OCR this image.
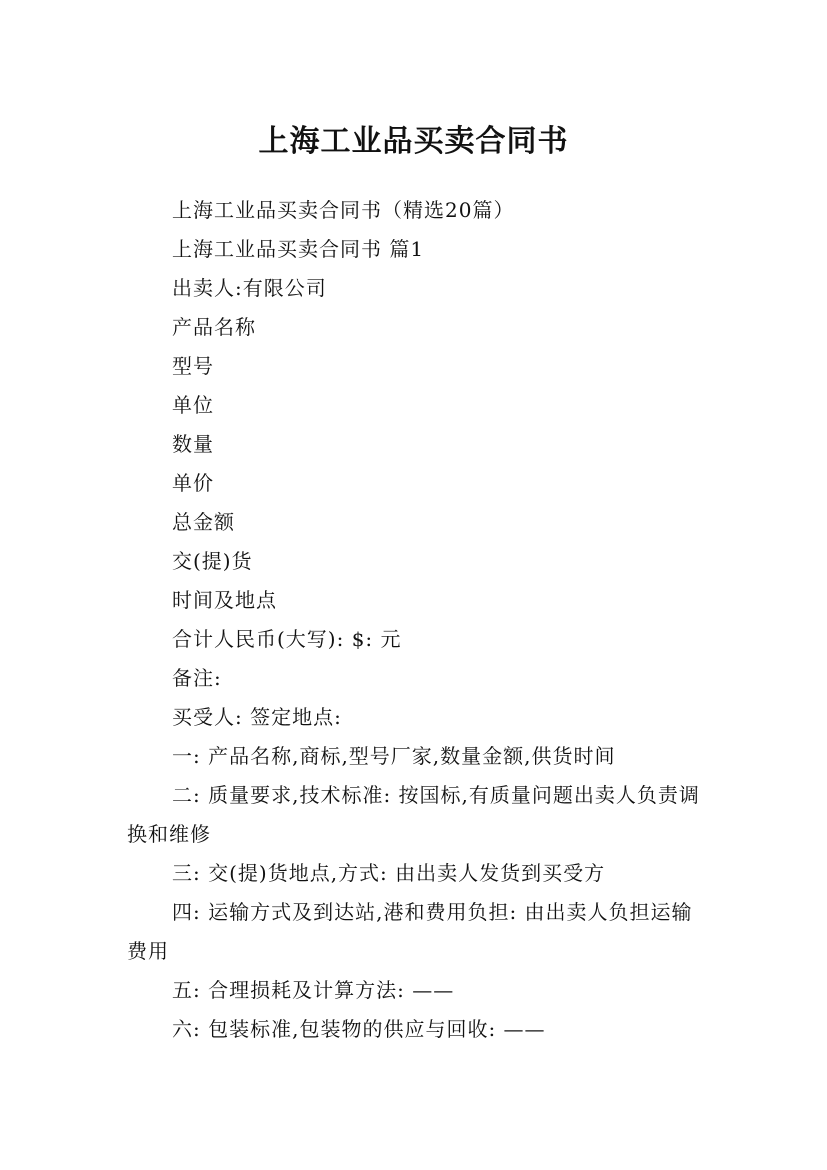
上海工业品买卖合同书

上海工业品买卖合同书（精选20篇）

上海工业品买卖合同书 篇1

出卖人:有限公司

产品名称

型号

单位

数量

单价

总金额

交(提)货

时间及地点

合计人民币(大写): $: 元

备注:

买受人: 签定地点:

一: 产品名称,商标,型号厂家,数量金额,供货时间

二: 质量要求,技术标准: 按国标,有质量问题出卖人负责调换和维修

三: 交(提)货地点,方式: 由出卖人发货到买受方

四: 运输方式及到达站,港和费用负担: 由出卖人负担运输费用

五: 合理损耗及计算方法: ——

六: 包装标准,包装物的供应与回收: ——
